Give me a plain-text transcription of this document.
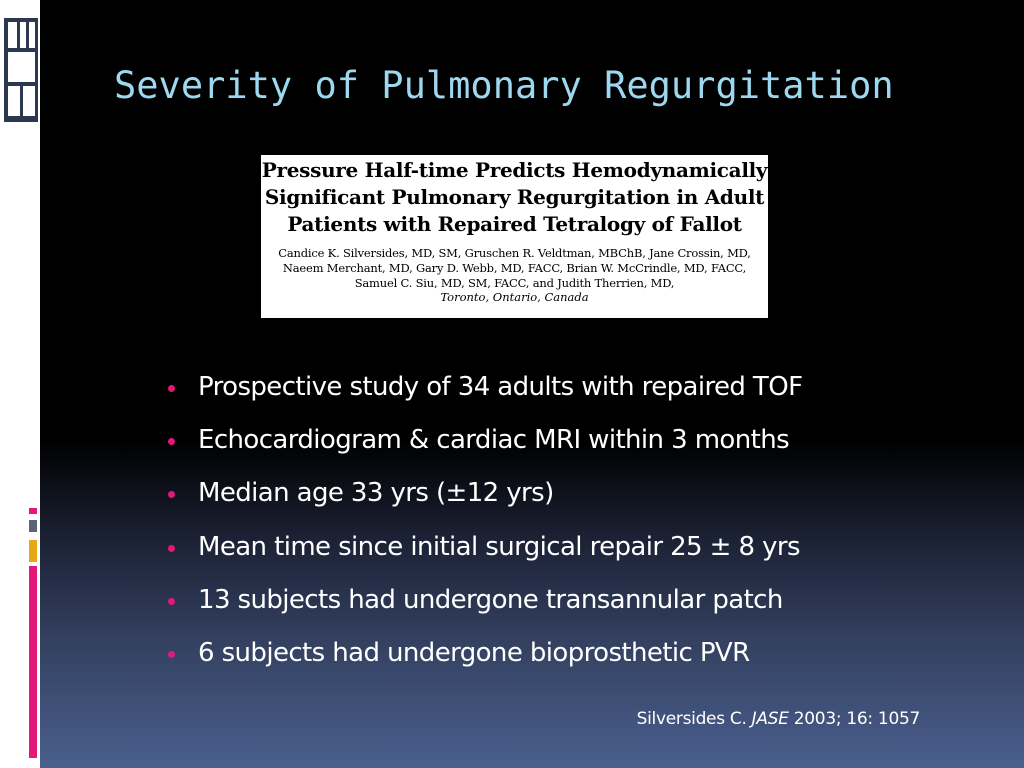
Severity of Pulmonary Regurgitation
Pressure Half-time Predicts Hemodynamically
Significant Pulmonary Regurgitation in Adult
Patients with Repaired Tetralogy of Fallot
Candice K. Silversides, MD, SM, Gruschen R. Veldtman, MBChB, Jane Crossin, MD,
Naeem Merchant, MD, Gary D. Webb, MD, FACC, Brian W. McCrindle, MD, FACC,
Samuel C. Siu, MD, SM, FACC, and Judith Therrien, MD,
Toronto, Ontario, Canada
Prospective study of 34 adults with repaired TOF
Echocardiogram & cardiac MRI within 3 months
Median age 33 yrs (±12 yrs)
Mean time since initial surgical repair 25 ± 8 yrs
13 subjects had undergone transannular patch
6 subjects had undergone bioprosthetic PVR
Silversides C. JASE 2003; 16: 1057
